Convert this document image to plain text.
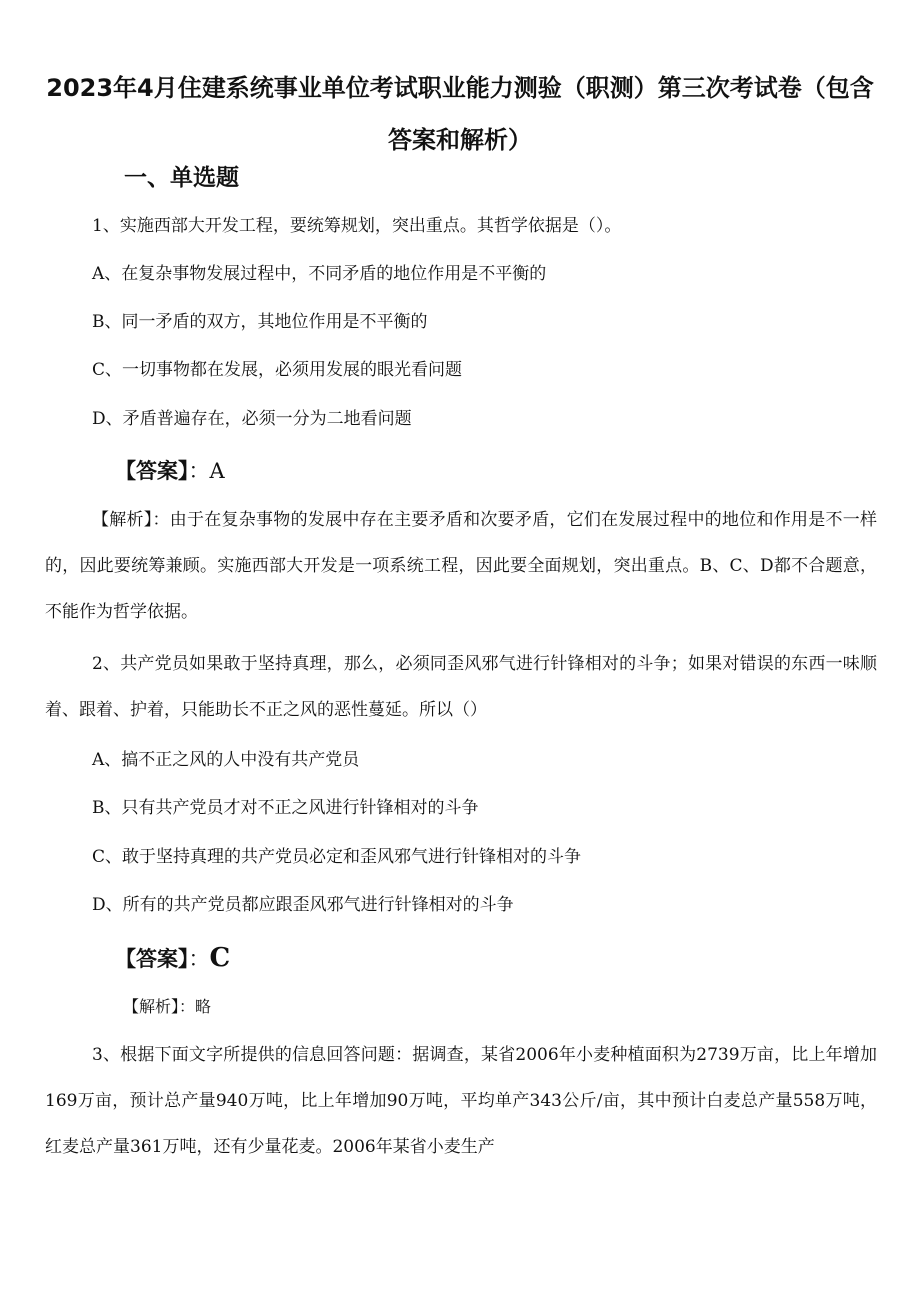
2023年4月住建系统事业单位考试职业能力测验（职测）第三次考试卷（包含答案和解析）
一、单选题
1、实施西部大开发工程，要统筹规划，突出重点。其哲学依据是（）。
A、在复杂事物发展过程中，不同矛盾的地位作用是不平衡的
B、同一矛盾的双方，其地位作用是不平衡的
C、一切事物都在发展，必须用发展的眼光看问题
D、矛盾普遍存在，必须一分为二地看问题
【答案】：A

【解析】：由于在复杂事物的发展中存在主要矛盾和次要矛盾，它们在发展过程中的地位和作用是不一样的，因此要统筹兼顾。实施西部大开发是一项系统工程，因此要全面规划，突出重点。B、C、D都不合题意，不能作为哲学依据。

2、共产党员如果敢于坚持真理，那么，必须同歪风邪气进行针锋相对的斗争；如果对错误的东西一味顺着、跟着、护着，只能助长不正之风的恶性蔓延。所以（）

A、搞不正之风的人中没有共产党员
B、只有共产党员才对不正之风进行针锋相对的斗争
C、敢于坚持真理的共产党员必定和歪风邪气进行针锋相对的斗争
D、所有的共产党员都应跟歪风邪气进行针锋相对的斗争
【答案】：C
【解析】：略

3、根据下面文字所提供的信息回答问题：据调查，某省2006年小麦种植面积为2739万亩，比上年增加169万亩，预计总产量940万吨，比上年增加90万吨，平均单产343公斤/亩，其中预计白麦总产量558万吨，红麦总产量361万吨，还有少量花麦。2006年某省小麦生产
